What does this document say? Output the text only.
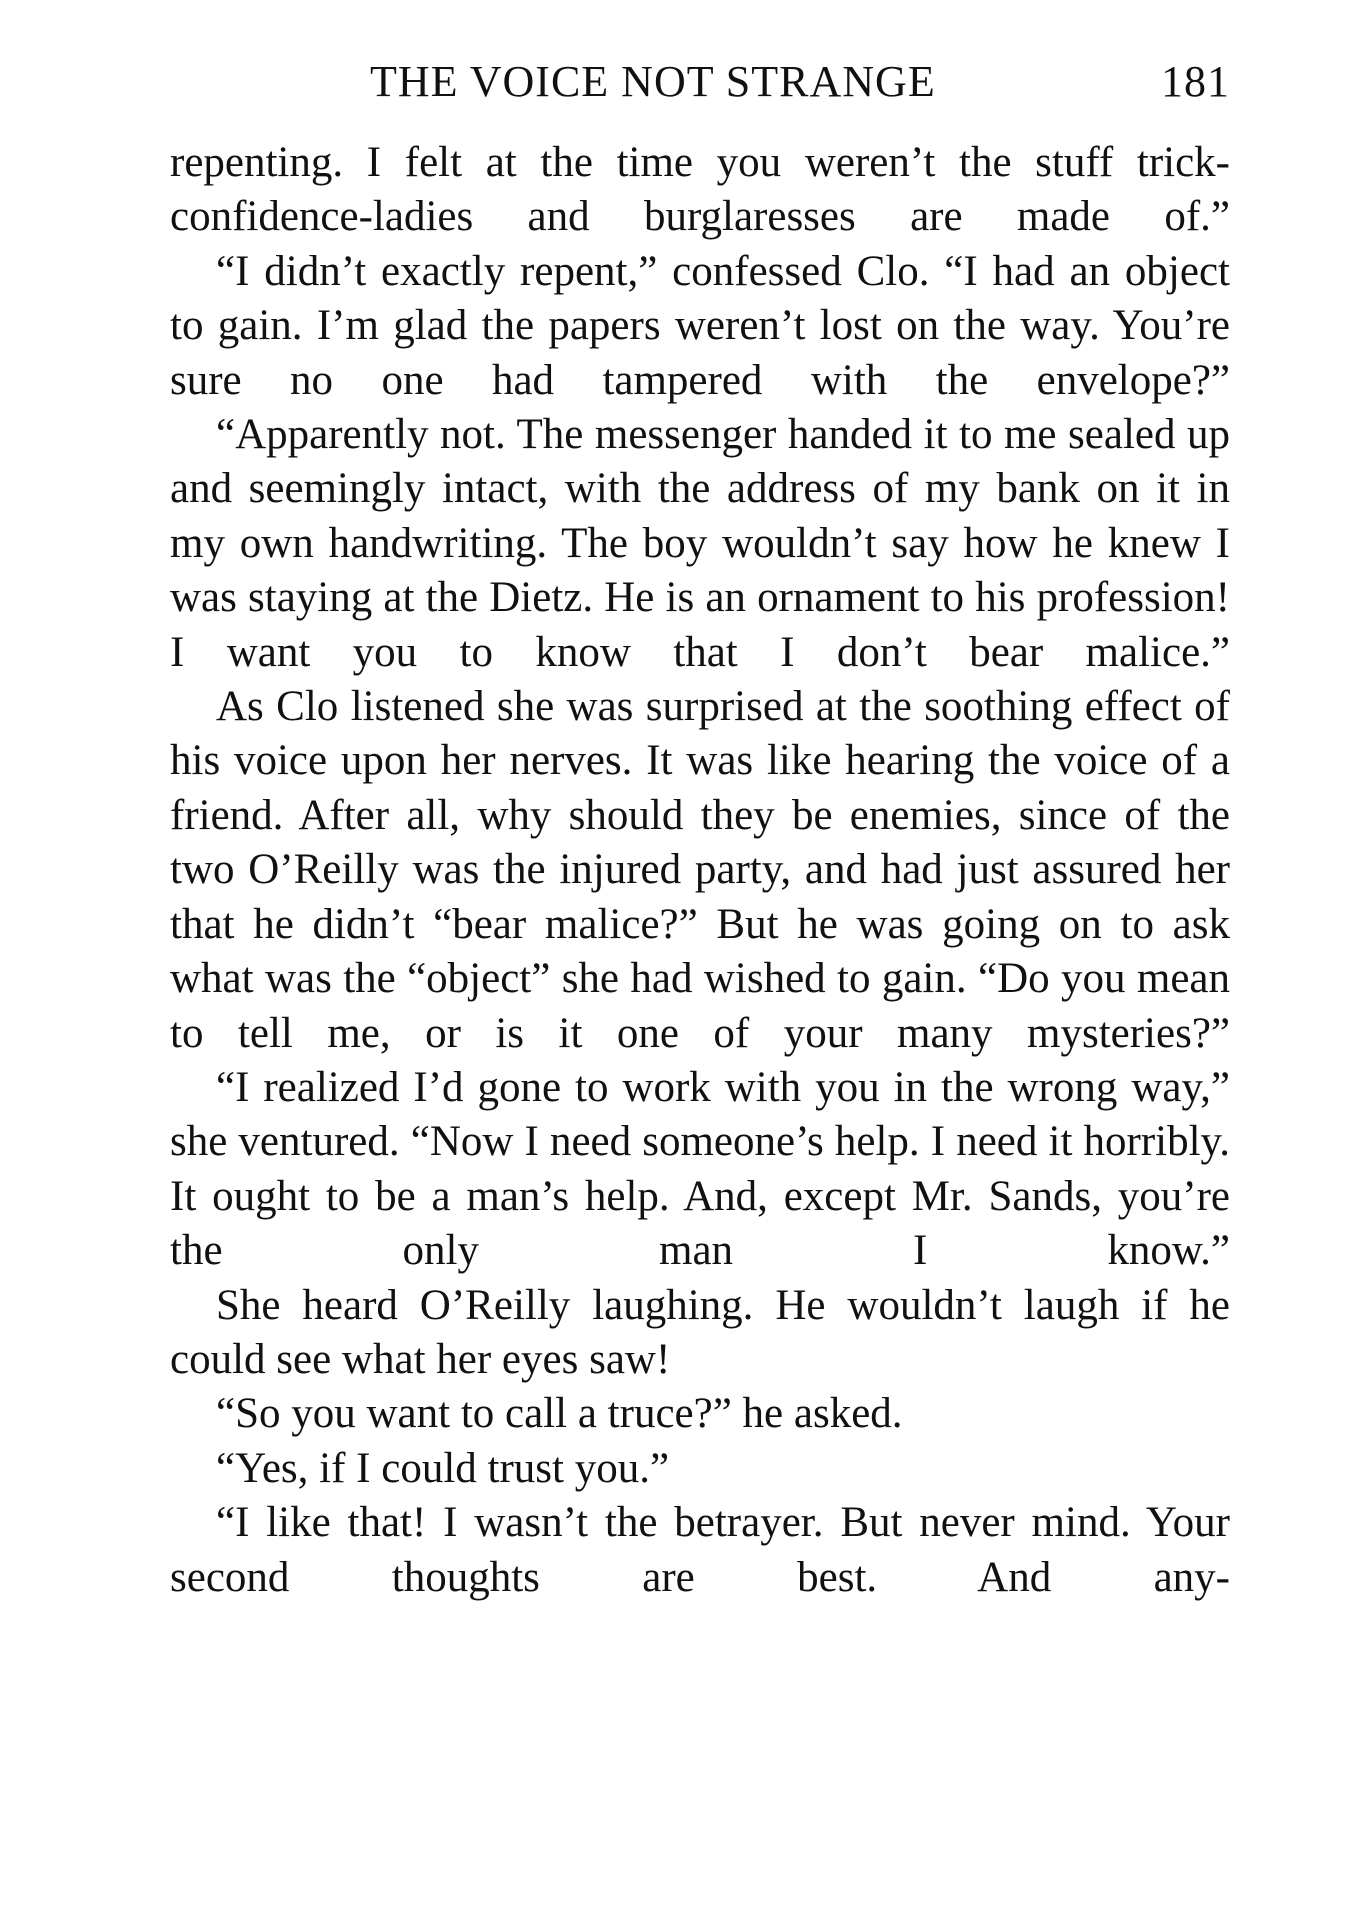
THE VOICE NOT STRANGE	181

repenting. I felt at the time you weren’t the stuff trick-confidence-ladies and burglaresses are made of.”

“I didn’t exactly repent,” confessed Clo. “I had an object to gain. I’m glad the papers weren’t lost on the way. You’re sure no one had tampered with the envelope?”

“Apparently not. The messenger handed it to me sealed up and seemingly intact, with the address of my bank on it in my own handwriting. The boy wouldn’t say how he knew I was staying at the Dietz. He is an ornament to his profession! I want you to know that I don’t bear malice.”

As Clo listened she was surprised at the soothing effect of his voice upon her nerves. It was like hearing the voice of a friend. After all, why should they be enemies, since of the two O’Reilly was the injured party, and had just assured her that he didn’t “bear malice?” But he was going on to ask what was the “object” she had wished to gain. “Do you mean to tell me, or is it one of your many mysteries?”

“I realized I’d gone to work with you in the wrong way,” she ventured. “Now I need someone’s help. I need it horribly. It ought to be a man’s help. And, except Mr. Sands, you’re the only man I know.”

She heard O’Reilly laughing. He wouldn’t laugh if he could see what her eyes saw!

“So you want to call a truce?” he asked.

“Yes, if I could trust you.”

“I like that! I wasn’t the betrayer. But never mind. Your second thoughts are best. And any-
